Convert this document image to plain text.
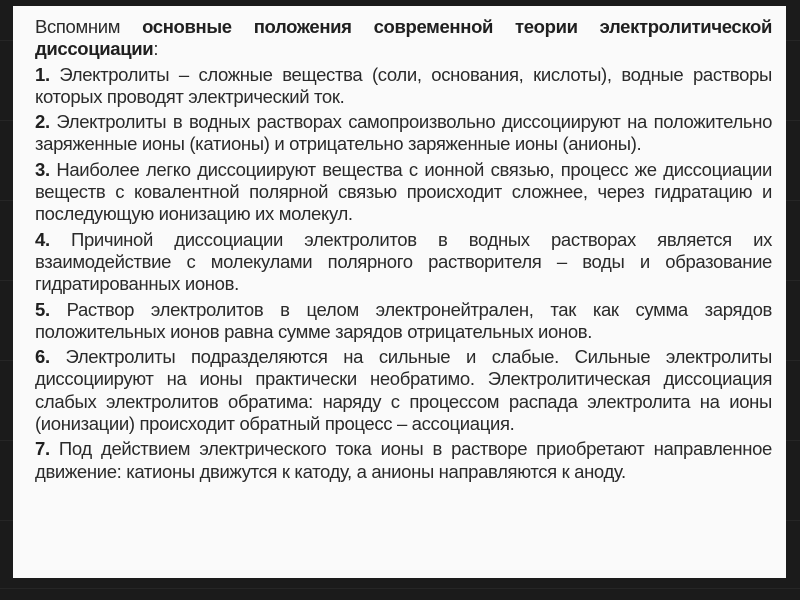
Вспомним основные положения современной теории электролитической диссоциации:

1. Электролиты – сложные вещества (соли, основания, кислоты), водные растворы которых проводят электрический ток.

2. Электролиты в водных растворах самопроизвольно диссоциируют на положительно заряженные ионы (катионы) и отрицательно заряженные ионы (анионы).

3. Наиболее легко диссоциируют вещества с ионной связью, процесс же диссоциации веществ с ковалентной полярной связью происходит сложнее, через гидратацию и последующую ионизацию их молекул.

4. Причиной диссоциации электролитов в водных растворах является их взаимодействие с молекулами полярного растворителя – воды и образование гидратированных ионов.

5. Раствор электролитов в целом электронейтрален, так как сумма зарядов положительных ионов равна сумме зарядов отрицательных ионов.

6. Электролиты подразделяются на сильные и слабые. Сильные электролиты диссоциируют на ионы практически необратимо. Электролитическая диссоциация слабых электролитов обратима: наряду с процессом распада электролита на ионы (ионизации) происходит обратный процесс – ассоциация.

7. Под действием электрического тока ионы в растворе приобретают направленное движение: катионы движутся к катоду, а анионы направляются к аноду.
